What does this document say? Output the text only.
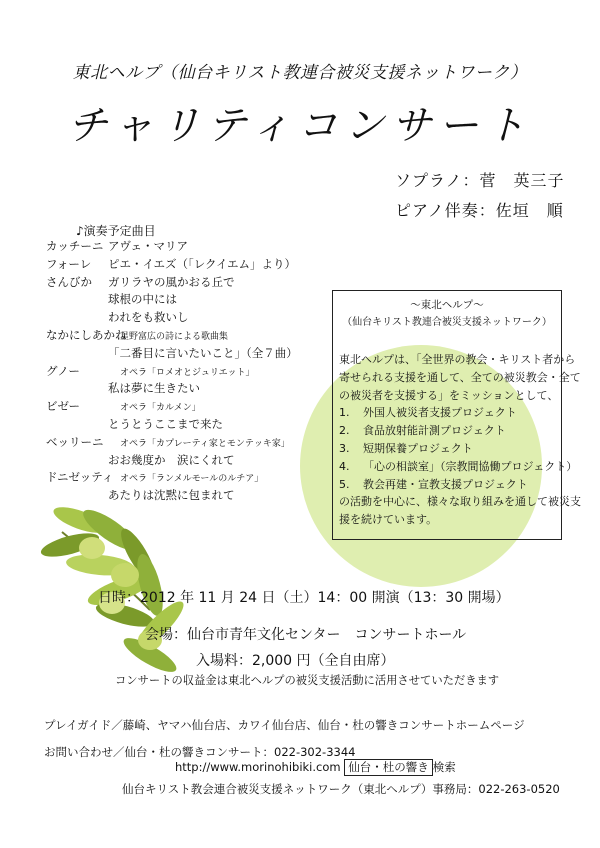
東北ヘルプ（仙台キリスト教連合被災支援ネットワーク）
チャリティコンサート
ソプラノ：菅　英三子
ピアノ伴奏：佐垣　順
♪演奏予定曲目
カッチーニ アヴェ・マリア
フォーレ ピエ・イエズ（「レクイエム」より）
さんびか ガリラヤの風かおる丘で
球根の中には
われをも救いし
なかにしあかね
星野富広の詩による歌曲集
「二番目に言いたいこと」（全７曲）
グノー	オペラ「ロメオとジュリエット」
私は夢に生きたい
ビゼー	オペラ「カルメン」
とうとうここまで来た
ベッリーニ オペラ「カプレーティ家とモンテッキ家」
おお幾度か　涙にくれて
ドニゼッティ オペラ「ランメルモールのルチア」
あたりは沈黙に包まれて
～東北ヘルプ～
（仙台キリスト教連合被災支援ネットワーク）
東北ヘルプは、「全世界の教会・キリスト者から
寄せられる支援を通して、全ての被災教会・全て
の被災者を支援する」をミッションとして、
1. 外国人被災者支援プロジェクト
2. 食品放射能計測プロジェクト
3. 短期保養プロジェクト
4. 「心の相談室」（宗教間協働プロジェクト）
5. 教会再建・宣教支援プロジェクト
の活動を中心に、様々な取り組みを通して被災支
援を続けています。
日時：2012 年 11 月 24 日（土）14：00 開演（13：30 開場）
会場：仙台市青年文化センター　コンサートホール
入場料：2,000 円（全自由席）
コンサートの収益金は東北ヘルプの被災支援活動に活用させていただきます
プレイガイド／藤崎、ヤマハ仙台店、カワイ仙台店、仙台・杜の響きコンサートホームページ
お問い合わせ／仙台・杜の響きコンサート：022-302-3344
http://www.morinohibiki.com 仙台・杜の響き 検索
仙台キリスト教会連合被災支援ネットワーク（東北ヘルプ）事務局：022-263-0520
